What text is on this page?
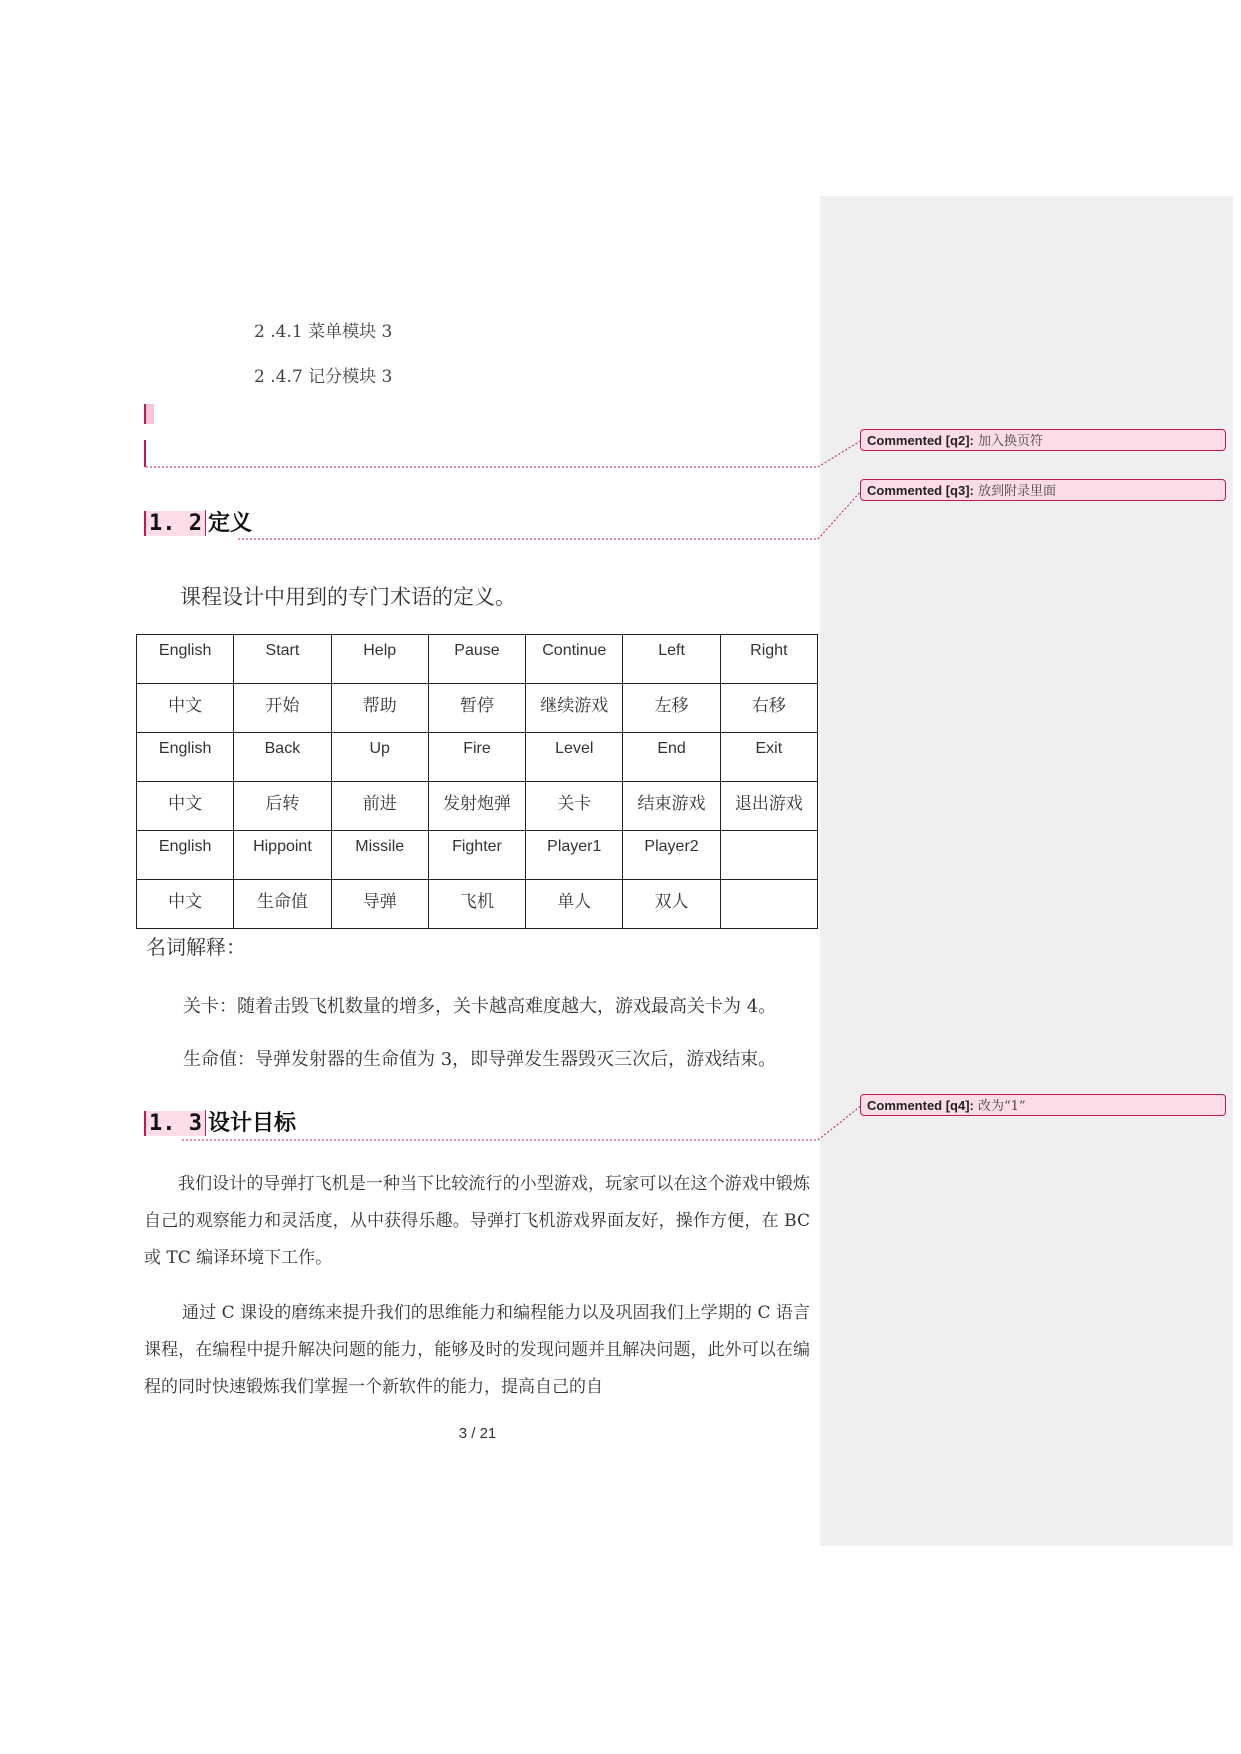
Commented [q2]: 加入换页符
Commented [q3]: 放到附录里面
Commented [q4]: 改为“1”
2 .4.1 菜单模块 3
2 .4.7 记分模块 3
1. 2 定义
课程设计中用到的专门术语的定义。
English	Start	Help	Pause	Continue	Left	Right
中文	开始	帮助	暂停	继续游戏	左移	右移
English	Back	Up	Fire	Level	End	Exit
中文	后转	前进	发射炮弹	关卡	结束游戏	退出游戏
English	Hippoint	Missile	Fighter	Player1	Player2	
中文	生命值	导弹	飞机	单人	双人	
名词解释：
关卡：随着击毁飞机数量的增多，关卡越高难度越大，游戏最高关卡为 4。
生命值：导弹发射器的生命值为 3，即导弹发生器毁灭三次后，游戏结束。
1. 3 设计目标
我们设计的导弹打飞机是一种当下比较流行的小型游戏，玩家可以在这个游戏中锻炼自己的观察能力和灵活度，从中获得乐趣。导弹打飞机游戏界面友好，操作方便，在 BC 或 TC 编译环境下工作。
通过 C 课设的磨练来提升我们的思维能力和编程能力以及巩固我们上学期的 C 语言课程，在编程中提升解决问题的能力，能够及时的发现问题并且解决问题，此外可以在编程的同时快速锻炼我们掌握一个新软件的能力，提高自己的自
3 / 21
